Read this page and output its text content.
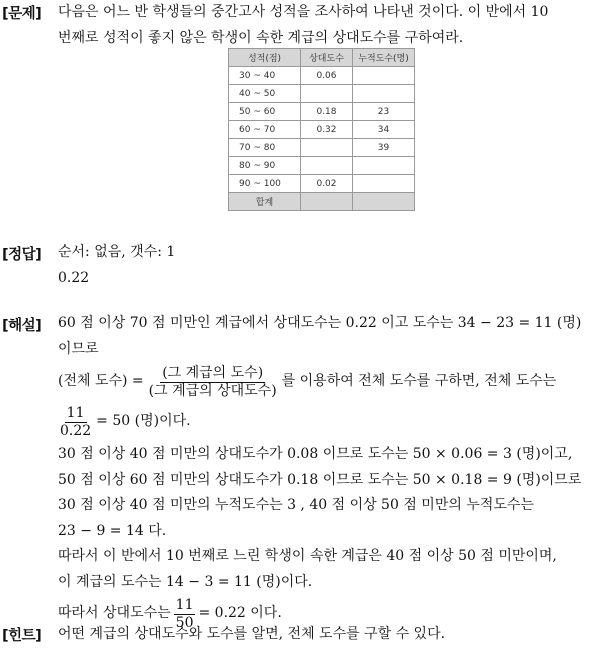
[문제] 다음은 어느 반 학생들의 중간고사 성적을 조사하여 나타낸 것이다. 이 반에서 10
번째로 성적이 좋지 않은 학생이 속한 계급의 상대도수를 구하여라.
성적(점)	상대도수	누적도수(명)
30 ~ 40	0.06	
40 ~ 50		
50 ~ 60	0.18	23
60 ~ 70	0.32	34
70 ~ 80		39
80 ~ 90		
90 ~ 100	0.02	
합계		
[정답] 순서: 없음, 갯수: 1
0.22
[해설] 60 점 이상 70 점 미만인 계급에서 상대도수는 0.22 이고 도수는 34 − 23 = 11 (명)
이므로
(전체 도수) = $\frac{\text{(그 계급의 도수)}}{\text{(그 계급의 상대도수)}}$ 를 이용하여 전체 도수를 구하면, 전체 도수는
$\frac{11}{0.22} = 50$ (명)이다.
30 점 이상 40 점 미만의 상대도수가 0.08 이므로 도수는 50 × 0.06 = 3 (명)이고,
50 점 이상 60 점 미만의 상대도수가 0.18 이므로 도수는 50 × 0.18 = 9 (명)이므로
30 점 이상 40 점 미만의 누적도수는 3 , 40 점 이상 50 점 미만의 누적도수는
23 − 9 = 14 다.
따라서 이 반에서 10 번째로 느린 학생이 속한 계급은 40 점 이상 50 점 미만이며,
이 계급의 도수는 14 − 3 = 11 (명)이다.
따라서 상대도수는 $\frac{11}{50} = 0.22$ 이다.
[힌트] 어떤 계급의 상대도수와 도수를 알면, 전체 도수를 구할 수 있다.
